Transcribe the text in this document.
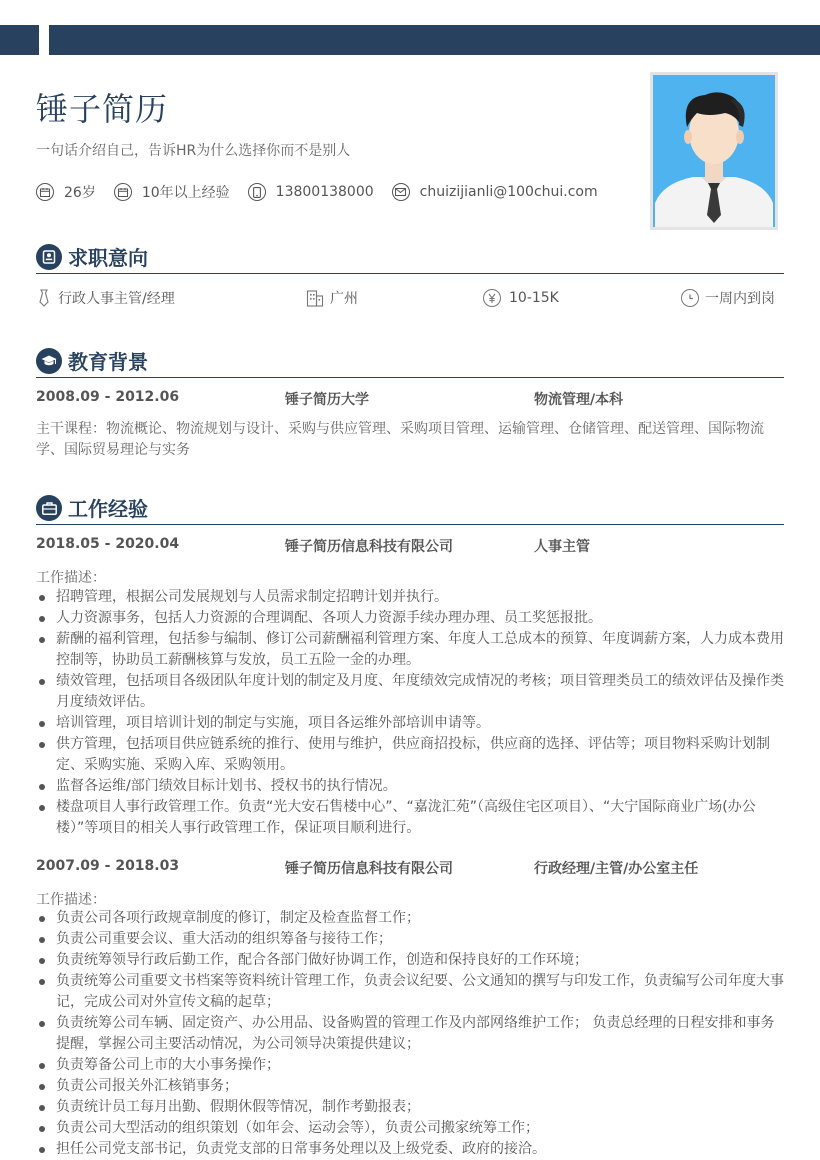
锤子简历
一句话介绍自己，告诉HR为什么选择你而不是别人
26岁	10年以上经验	13800138000	chuizijianli@100chui.com
求职意向
行政人事主管/经理	广州	10-15K	一周内到岗
教育背景
2008.09 - 2012.06	锤子简历大学	物流管理/本科
主干课程：物流概论、物流规划与设计、采购与供应管理、采购项目管理、运输管理、仓储管理、配送管理、国际物流学、国际贸易理论与实务
工作经验
2018.05 - 2020.04	锤子简历信息科技有限公司	人事主管
工作描述：
招聘管理，根据公司发展规划与人员需求制定招聘计划并执行。
人力资源事务，包括人力资源的合理调配、各项人力资源手续办理办理、员工奖惩报批。
薪酬的福利管理，包括参与编制、修订公司薪酬福利管理方案、年度人工总成本的预算、年度调薪方案，人力成本费用控制等，协助员工薪酬核算与发放，员工五险一金的办理。
绩效管理，包括项目各级团队年度计划的制定及月度、年度绩效完成情况的考核；项目管理类员工的绩效评估及操作类月度绩效评估。
培训管理，项目培训计划的制定与实施，项目各运维外部培训申请等。
供方管理，包括项目供应链系统的推行、使用与维护，供应商招投标，供应商的选择、评估等；项目物料采购计划制定、采购实施、采购入库、采购领用。
监督各运维/部门绩效目标计划书、授权书的执行情况。
楼盘项目人事行政管理工作。负责“光大安石售楼中心”、“嘉泷汇苑”（高级住宅区项目）、“大宁国际商业广场(办公楼）”等项目的相关人事行政管理工作，保证项目顺利进行。
2007.09 - 2018.03	锤子简历信息科技有限公司	行政经理/主管/办公室主任
工作描述：
负责公司各项行政规章制度的修订，制定及检查监督工作；
负责公司重要会议、重大活动的组织筹备与接待工作；
负责统筹领导行政后勤工作，配合各部门做好协调工作，创造和保持良好的工作环境；
负责统筹公司重要文书档案等资料统计管理工作，负责会议纪要、公文通知的撰写与印发工作，负责编写公司年度大事记，完成公司对外宣传文稿的起草；
负责统筹公司车辆、固定资产、办公用品、设备购置的管理工作及内部网络维护工作； 负责总经理的日程安排和事务提醒，掌握公司主要活动情况，为公司领导决策提供建议；
负责筹备公司上市的大小事务操作；
负责公司报关外汇核销事务；
负责统计员工每月出勤、假期休假等情况，制作考勤报表；
负责公司大型活动的组织策划（如年会、运动会等），负责公司搬家统筹工作；
担任公司党支部书记，负责党支部的日常事务处理以及上级党委、政府的接洽。
